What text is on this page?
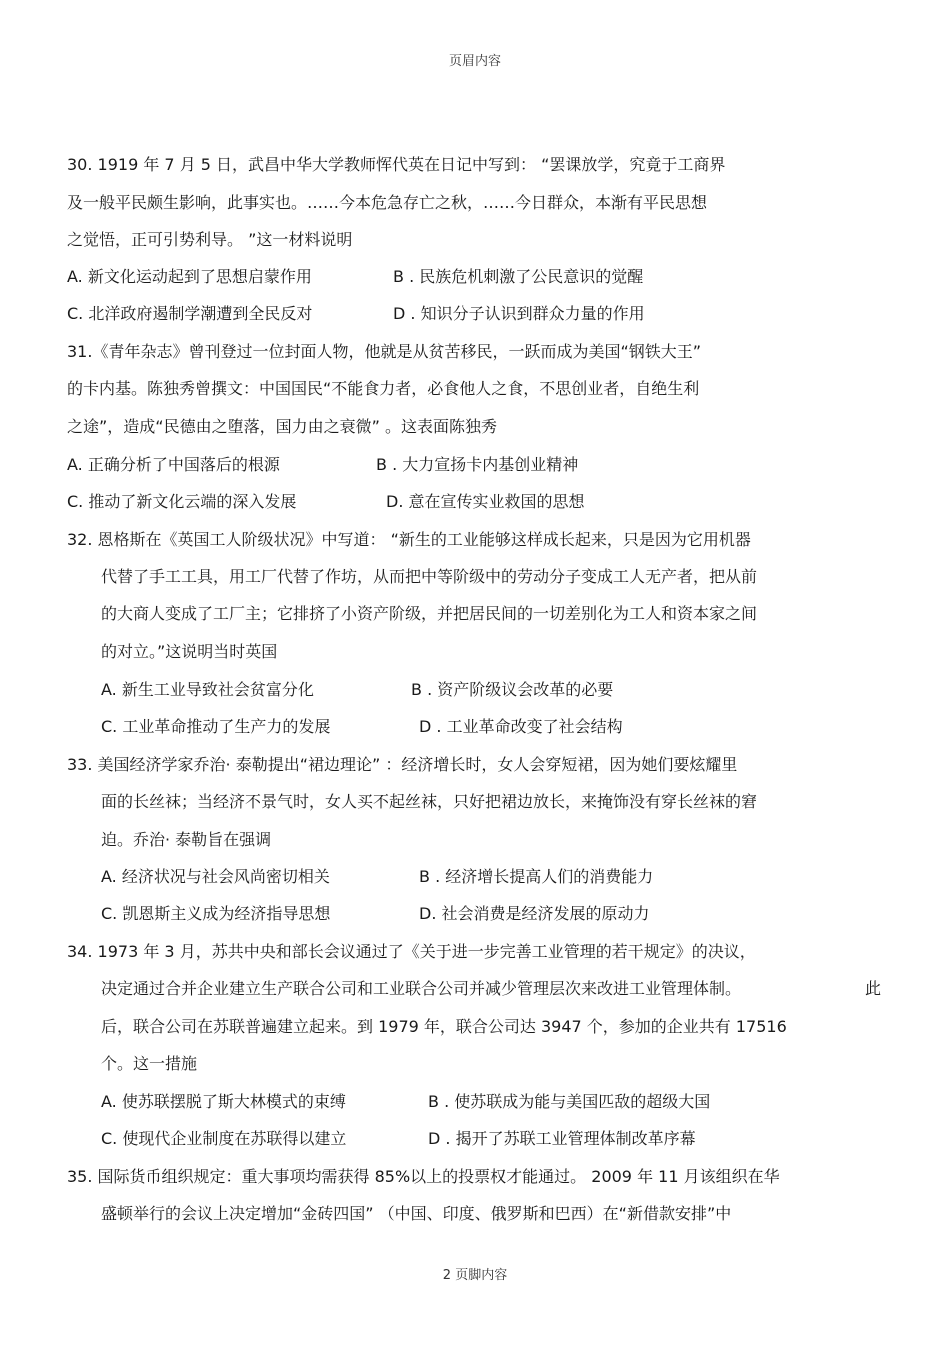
页眉内容
30. 1919 年 7 月 5 日，武昌中华大学教师恽代英在日记中写到： “罢课放学，究竟于工商界
及一般平民颇生影响，此事实也。……今本危急存亡之秋，……今日群众，本渐有平民思想
之觉悟，正可引势利导。 ”这一材料说明
A. 新文化运动起到了思想启蒙作用	B . 民族危机刺激了公民意识的觉醒
C. 北洋政府遏制学潮遭到全民反对	D . 知识分子认识到群众力量的作用
31.《青年杂志》曾刊登过一位封面人物，他就是从贫苦移民，一跃而成为美国“钢铁大王”
的卡内基。陈独秀曾撰文：中国国民“不能食力者，必食他人之食，不思创业者，自绝生利
之途”，造成“民德由之堕落，国力由之衰微” 。这表面陈独秀
A. 正确分析了中国落后的根源	B . 大力宣扬卡内基创业精神
C. 推动了新文化云端的深入发展	D. 意在宣传实业救国的思想
32. 恩格斯在《英国工人阶级状况》中写道： “新生的工业能够这样成长起来，只是因为它用机器
代替了手工工具，用工厂代替了作坊，从而把中等阶级中的劳动分子变成工人无产者，把从前
的大商人变成了工厂主；它排挤了小资产阶级，并把居民间的一切差别化为工人和资本家之间
的对立。”这说明当时英国
A. 新生工业导致社会贫富分化	B . 资产阶级议会改革的必要
C. 工业革命推动了生产力的发展	D . 工业革命改变了社会结构
33. 美国经济学家乔治· 泰勒提出“裙边理论” ：经济增长时，女人会穿短裙，因为她们要炫耀里
面的长丝袜；当经济不景气时，女人买不起丝袜，只好把裙边放长，来掩饰没有穿长丝袜的窘
迫。乔治· 泰勒旨在强调
A. 经济状况与社会风尚密切相关	B . 经济增长提高人们的消费能力
C. 凯恩斯主义成为经济指导思想	D. 社会消费是经济发展的原动力
34. 1973 年 3 月，苏共中央和部长会议通过了《关于进一步完善工业管理的若干规定》的决议，
决定通过合并企业建立生产联合公司和工业联合公司并减少管理层次来改进工业管理体制。	此
后，联合公司在苏联普遍建立起来。到 1979 年，联合公司达 3947 个，参加的企业共有 17516
个。这一措施
A. 使苏联摆脱了斯大林模式的束缚	B . 使苏联成为能与美国匹敌的超级大国
C. 使现代企业制度在苏联得以建立	D . 揭开了苏联工业管理体制改革序幕
35. 国际货币组织规定：重大事项均需获得 85%以上的投票权才能通过。 2009 年 11 月该组织在华
盛顿举行的会议上决定增加“金砖四国” （中国、印度、俄罗斯和巴西）在“新借款安排”中
2 页脚内容
